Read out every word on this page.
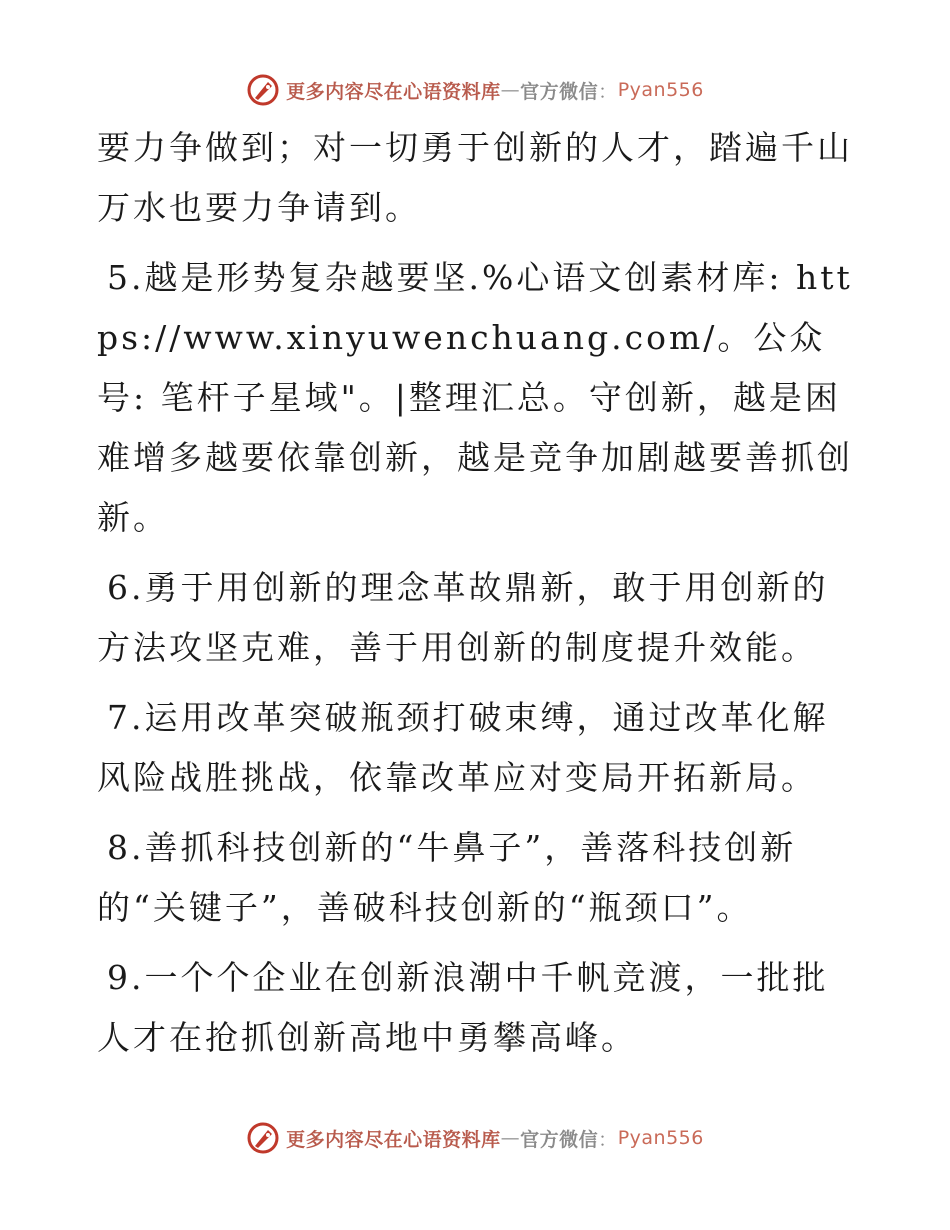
更多内容尽在心语资料库 — 官方微信 ： Pyan556

要力争做到；对一切勇于创新的人才，踏遍千山万水也要力争请到。

5.越是形势复杂越要坚.%心语文创素材库: https://www.xinyuwenchuang.com/。公众号: 笔杆子星域"。|整理汇总。守创新，越是困难增多越要依靠创新，越是竞争加剧越要善抓创新。

6.勇于用创新的理念革故鼎新，敢于用创新的方法攻坚克难，善于用创新的制度提升效能。

7.运用改革突破瓶颈打破束缚，通过改革化解风险战胜挑战，依靠改革应对变局开拓新局。

8.善抓科技创新的“牛鼻子”，善落科技创新的“关键子”，善破科技创新的“瓶颈口”。

9.一个个企业在创新浪潮中千帆竞渡，一批批人才在抢抓创新高地中勇攀高峰。

更多内容尽在心语资料库 — 官方微信 ： Pyan556
